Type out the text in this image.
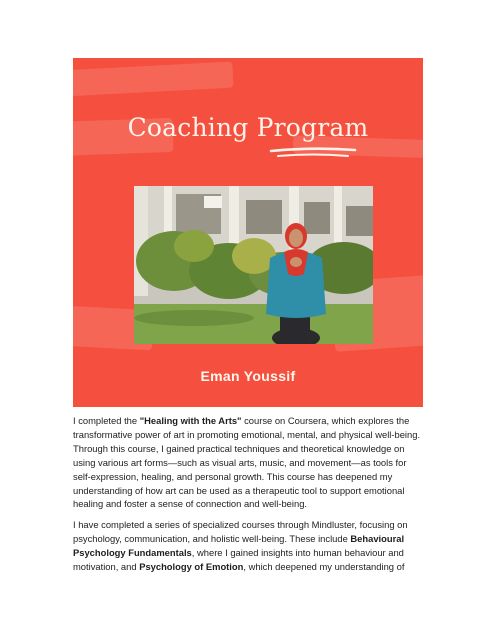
Coaching Program
Eman Youssif

I completed the "Healing with the Arts" course on Coursera, which explores the transformative power of art in promoting emotional, mental, and physical well-being. Through this course, I gained practical techniques and theoretical knowledge on using various art forms—such as visual arts, music, and movement—as tools for self-expression, healing, and personal growth. This course has deepened my understanding of how art can be used as a therapeutic tool to support emotional healing and foster a sense of connection and well-being.

I have completed a series of specialized courses through Mindluster, focusing on psychology, communication, and holistic well-being. These include Behavioural Psychology Fundamentals, where I gained insights into human behaviour and motivation, and Psychology of Emotion, which deepened my understanding of
